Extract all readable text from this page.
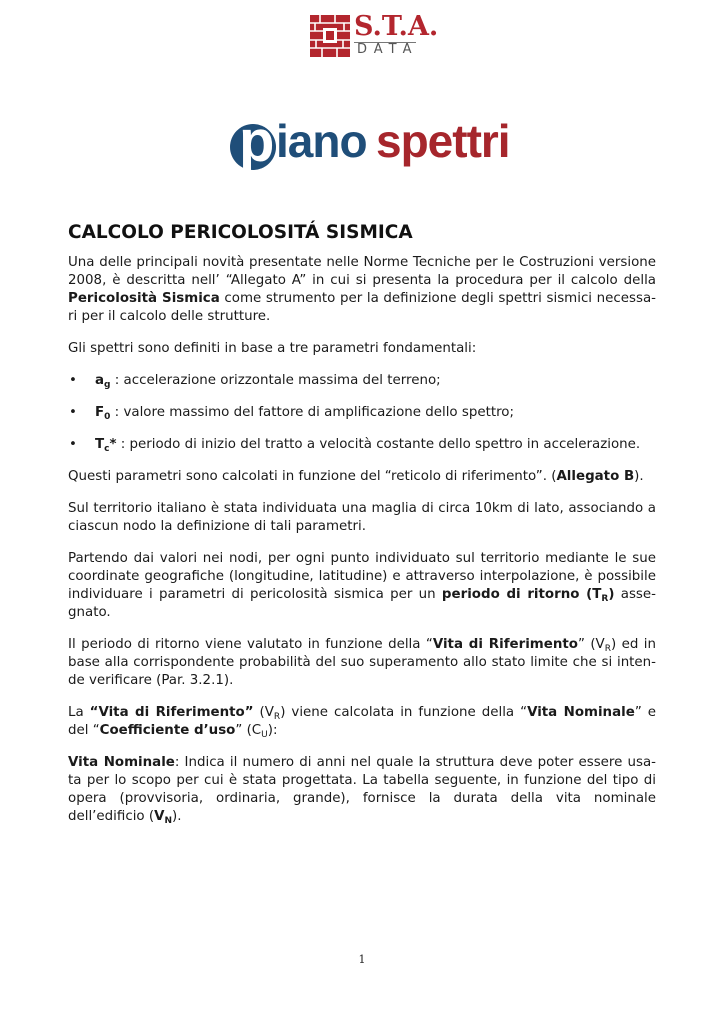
S.T.A.
DATA
p iano spettri
CALCOLO PERICOLOSITÁ SISMICA

Una delle principali novità presentate nelle Norme Tecniche per le Costruzioni versione 2008, è descritta nell’ “Allegato A” in cui si presenta la procedura per il calcolo della Pericolosità Sismica come strumento per la definizione degli spettri sismici necessa-ri per il calcolo delle strutture.

Gli spettri sono definiti in base a tre parametri fondamentali:

• $a_g$ : accelerazione orizzontale massima del terreno;
• $F_0$ : valore massimo del fattore di amplificazione dello spettro;
• $T_c*$ : periodo di inizio del tratto a velocità costante dello spettro in accelerazione.

Questi parametri sono calcolati in funzione del “reticolo di riferimento”. (Allegato B).

Sul territorio italiano è stata individuata una maglia di circa 10km di lato, associando a ciascun nodo la definizione di tali parametri.

Partendo dai valori nei nodi, per ogni punto individuato sul territorio mediante le sue coordinate geografiche (longitudine, latitudine) e attraverso interpolazione, è possibile individuare i parametri di pericolosità sismica per un periodo di ritorno $(T_R)$ asse-gnato.

Il periodo di ritorno viene valutato in funzione della “Vita di Riferimento” $(V_R)$ ed in base alla corrispondente probabilità del suo superamento allo stato limite che si inten-de verificare (Par. 3.2.1).

La “Vita di Riferimento” $(V_R)$ viene calcolata in funzione della “Vita Nominale” e del “Coefficiente d’uso” $(C_U)$:

Vita Nominale: Indica il numero di anni nel quale la struttura deve poter essere usa-ta per lo scopo per cui è stata progettata. La tabella seguente, in funzione del tipo di opera (provvisoria, ordinaria, grande), fornisce la durata della vita nominale dell’edificio $(V_N)$.

1
